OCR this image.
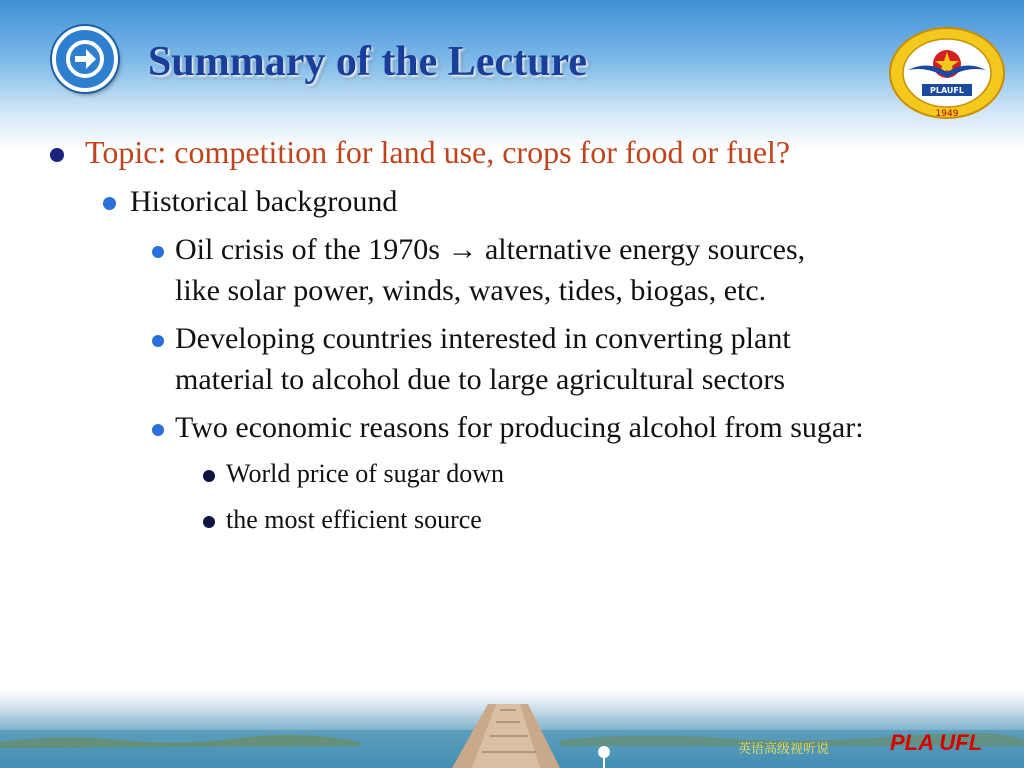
Summary of the Lecture
PLAUFL
1949
Topic: competition for land use, crops for food or fuel?
Historical background
Oil crisis of the 1970s → alternative energy sources,
like solar power, winds, waves, tides, biogas, etc.
Developing countries interested in converting plant
material to alcohol due to large agricultural sectors
Two economic reasons for producing alcohol from sugar:
World price of sugar down
the most efficient source
英语高级视听说	PLA UFL
